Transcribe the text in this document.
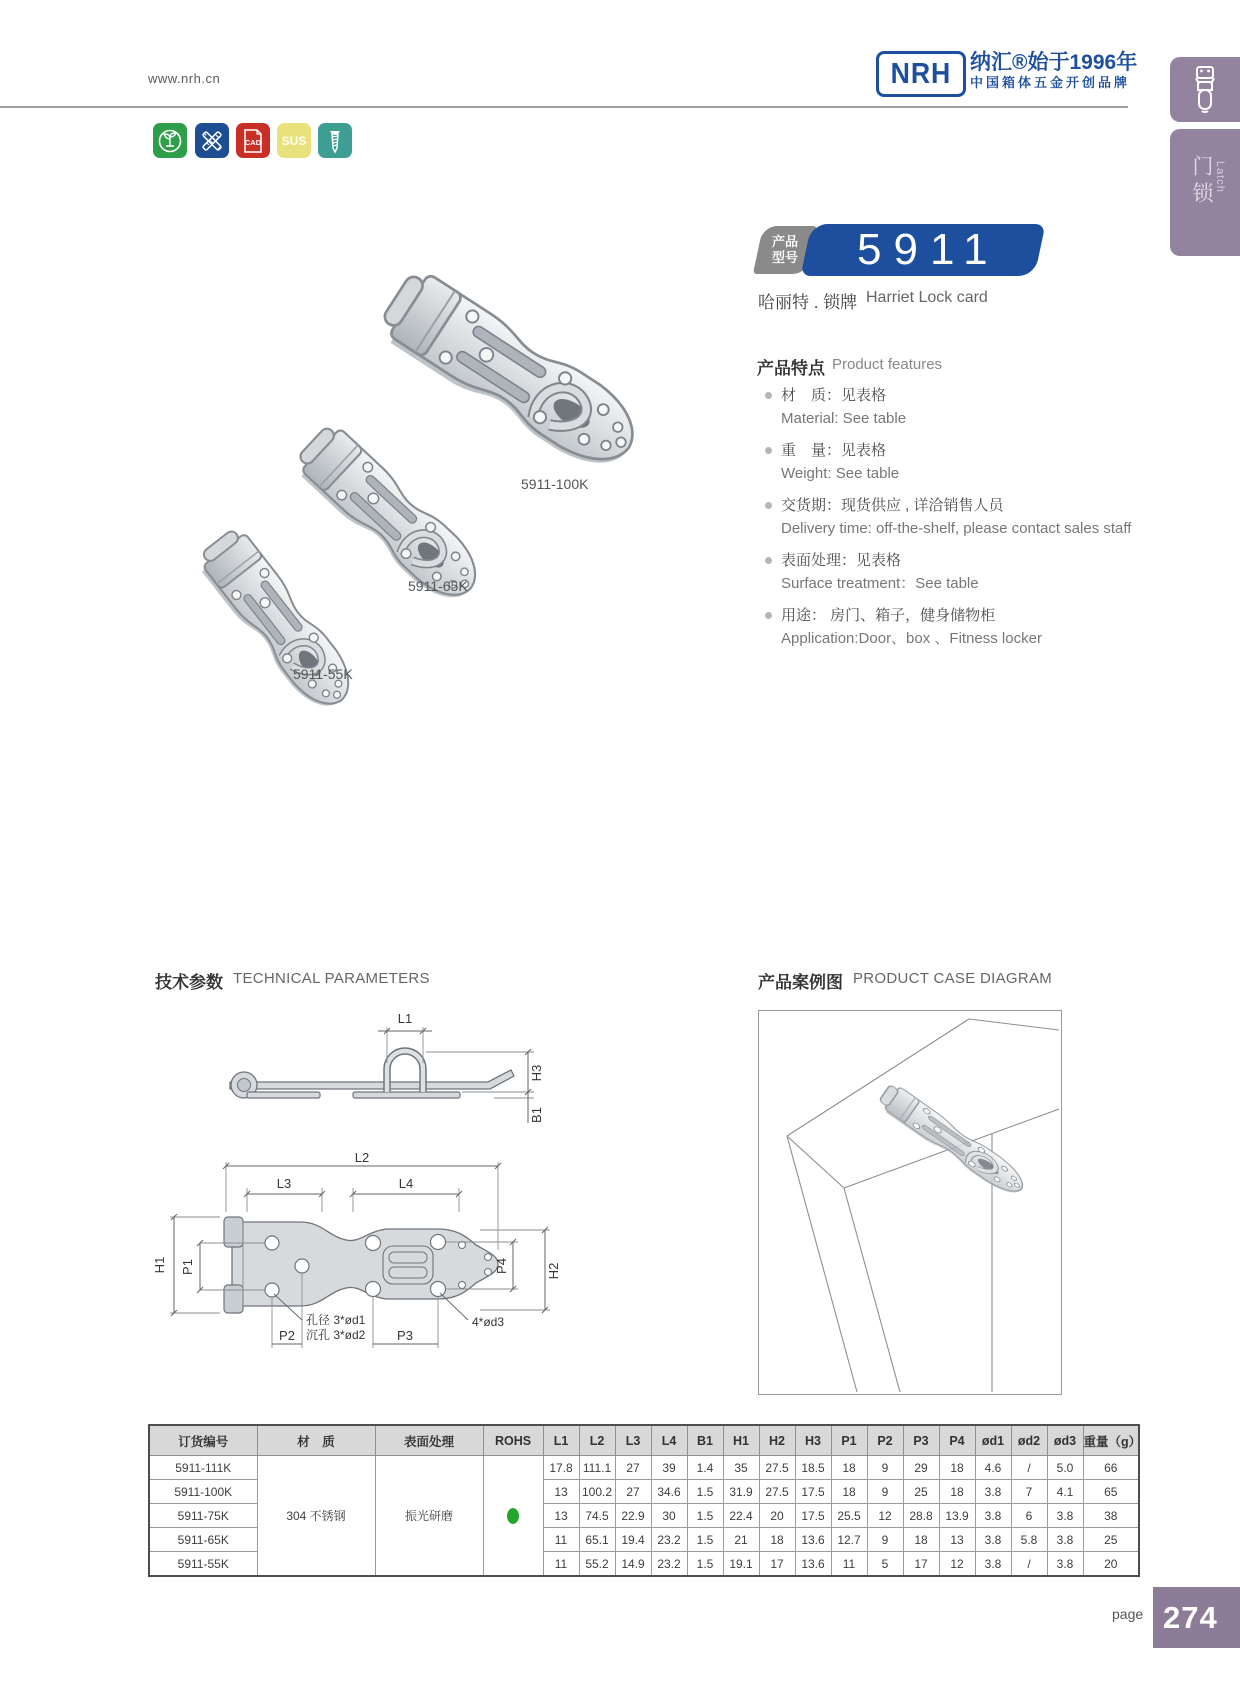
www.nrh.cn	NRH 纳汇®始于1996年
中国箱体五金开创品牌
门锁 Latch
CAD SUS
产品
型号 5911
哈丽特 . 锁牌 Harriet Lock card
产品特点 Product features
材　质：见表格
Material: See table
重　量：见表格
Weight: See table
交货期：现货供应 , 详洽销售人员
Delivery time: off-the-shelf, please contact sales staff
表面处理：见表格
Surface treatment：See table
用途： 房门、箱子，健身储物柜
Application:Door、box 、Fitness locker
5911-100K
5911-65K
5911-55K
技术参数 TECHNICAL PARAMETERS	产品案例图 PRODUCT CASE DIAGRAM
L1
H3
B1
L2
L3	L4
H1 P1	P4	H2
P2	P3
孔径 3*ød1
沉孔 3*ød2
4*ød3
订货编号	材　质	表面处理	ROHS	L1	L2	L3	L4	B1	H1	H2	H3	P1	P2	P3	P4	ød1	ød2	ød3	重量（g）
5911-111K	304 不锈钢	振光研磨		17.8	111.1	27	39	1.4	35	27.5	18.5	18	9	29	18	4.6	/	5.0	66
5911-100K				13	100.2	27	34.6	1.5	31.9	27.5	17.5	18	9	25	18	3.8	7	4.1	65
5911-75K				13	74.5	22.9	30	1.5	22.4	20	17.5	25.5	12	28.8	13.9	3.8	6	3.8	38
5911-65K				11	65.1	19.4	23.2	1.5	21	18	13.6	12.7	9	18	13	3.8	5.8	3.8	25
5911-55K				11	55.2	14.9	23.2	1.5	19.1	17	13.6	11	5	17	12	3.8	/	3.8	20
page 274
